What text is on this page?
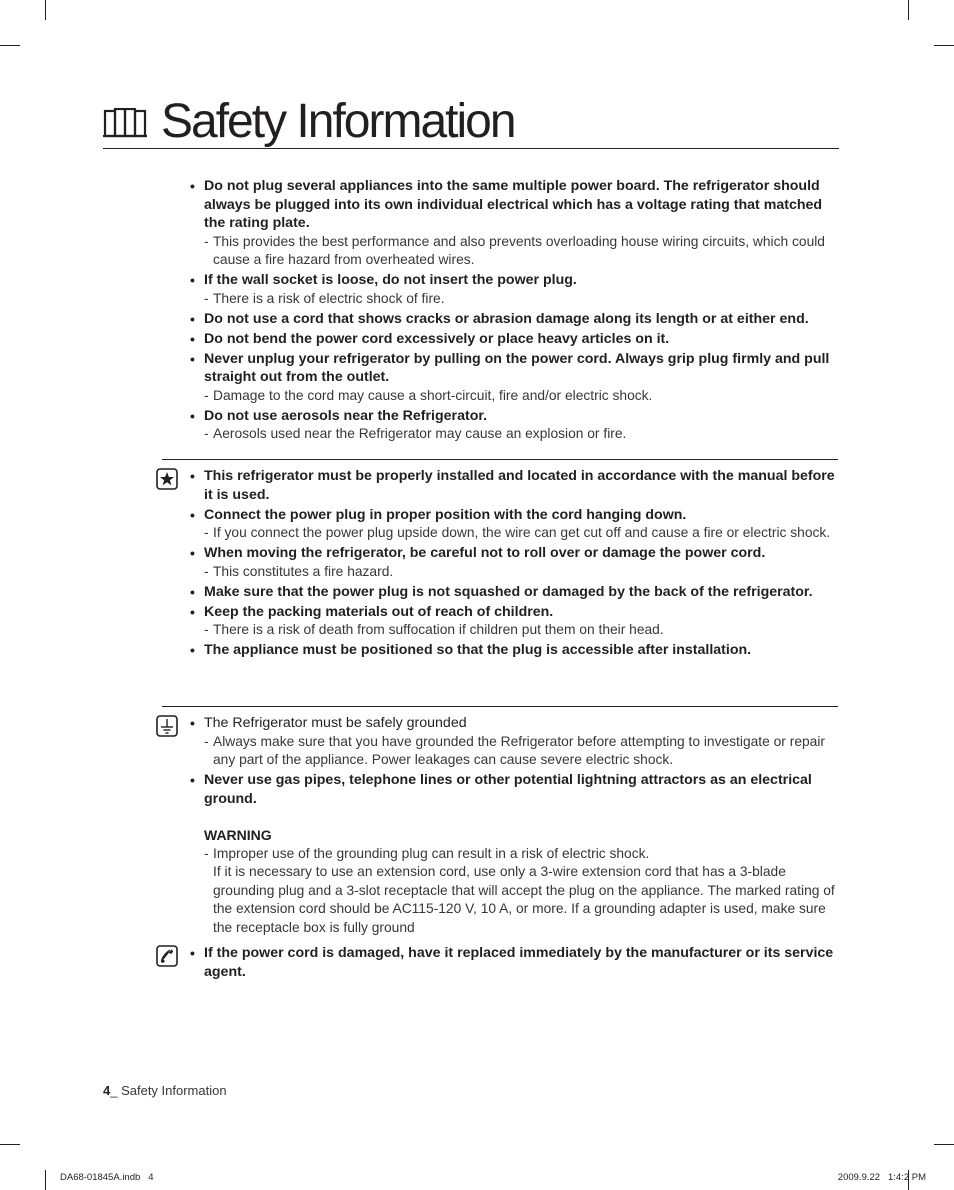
Safety Information
• Do not plug several appliances into the same multiple power board. The refrigerator should always be plugged into its own individual electrical which has a voltage rating that matched the rating plate.
- This provides the best performance and also prevents overloading house wiring circuits, which could cause a fire hazard from overheated wires.
• If the wall socket is loose, do not insert the power plug.
- There is a risk of electric shock of fire.
• Do not use a cord that shows cracks or abrasion damage along its length or at either end.
• Do not bend the power cord excessively or place heavy articles on it.
• Never unplug your refrigerator by pulling on the power cord. Always grip plug firmly and pull straight out from the outlet.
- Damage to the cord may cause a short-circuit, fire and/or electric shock.
• Do not use aerosols near the Refrigerator.
- Aerosols used near the Refrigerator may cause an explosion or fire.
• This refrigerator must be properly installed and located in accordance with the manual before it is used.
• Connect the power plug in proper position with the cord hanging down.
- If you connect the power plug upside down, the wire can get cut off and cause a fire or electric shock.
• When moving the refrigerator, be careful not to roll over or damage the power cord.
- This constitutes a fire hazard.
• Make sure that the power plug is not squashed or damaged by the back of the refrigerator.
• Keep the packing materials out of reach of children.
- There is a risk of death from suffocation if children put them on their head.
• The appliance must be positioned so that the plug is accessible after installation.
• The Refrigerator must be safely grounded
- Always make sure that you have grounded the Refrigerator before attempting to investigate or repair any part of the appliance. Power leakages can cause severe electric shock.
• Never use gas pipes, telephone lines or other potential lightning attractors as an electrical ground.
WARNING
- Improper use of the grounding plug can result in a risk of electric shock.
If it is necessary to use an extension cord, use only a 3-wire extension cord that has a 3-blade grounding plug and a 3-slot receptacle that will accept the plug on the appliance. The marked rating of the extension cord should be AC115-120 V, 10 A, or more. If a grounding adapter is used, make sure the receptacle box is fully ground
• If the power cord is damaged, have it replaced immediately by the manufacturer or its service agent.
4_ Safety Information
DA68-01845A.indb   4	2009.9.22   1:4:2 PM
